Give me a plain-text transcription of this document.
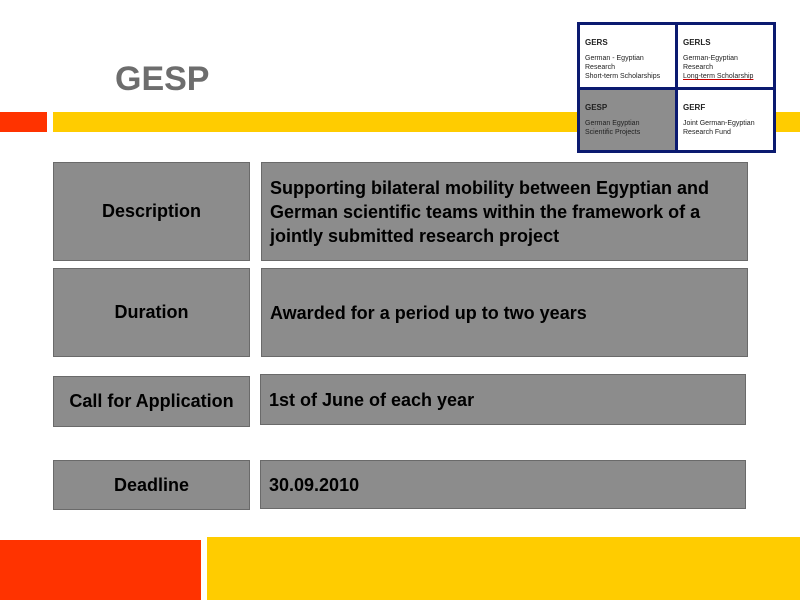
GESP
GERS
German - Egyptian Research
Short-term Scholarships
GERLS
German-Egyptian Research
Long-term Scholarship
GESP
German Egyptian
Scientific Projects
GERF
Joint German-Egyptian
Research Fund
Description
Supporting bilateral mobility between Egyptian and German scientific teams within the framework of a jointly submitted research project
Duration	Awarded for a period up to two years
Call for Application 1st of June of each year
Deadline	30.09.2010
